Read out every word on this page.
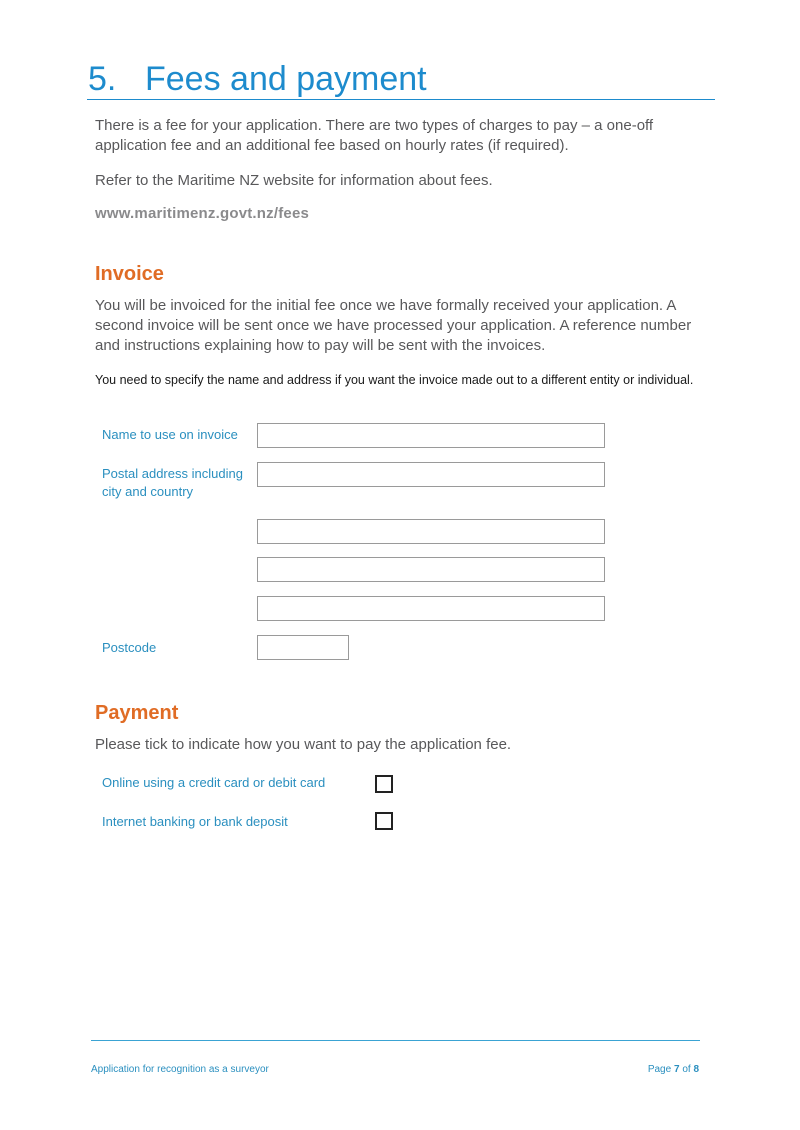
5. Fees and payment
There is a fee for your application. There are two types of charges to pay – a one-off application fee and an additional fee based on hourly rates (if required).
Refer to the Maritime NZ website for information about fees.
www.maritimenz.govt.nz/fees
Invoice
You will be invoiced for the initial fee once we have formally received your application. A second invoice will be sent once we have processed your application. A reference number and instructions explaining how to pay will be sent with the invoices.
You need to specify the name and address if you want the invoice made out to a different entity or individual.
Name to use on invoice
Postal address including city and country
Postcode
Payment
Please tick to indicate how you want to pay the application fee.
Online using a credit card or debit card
Internet banking or bank deposit
Application for recognition as a surveyor	Page 7 of 8
